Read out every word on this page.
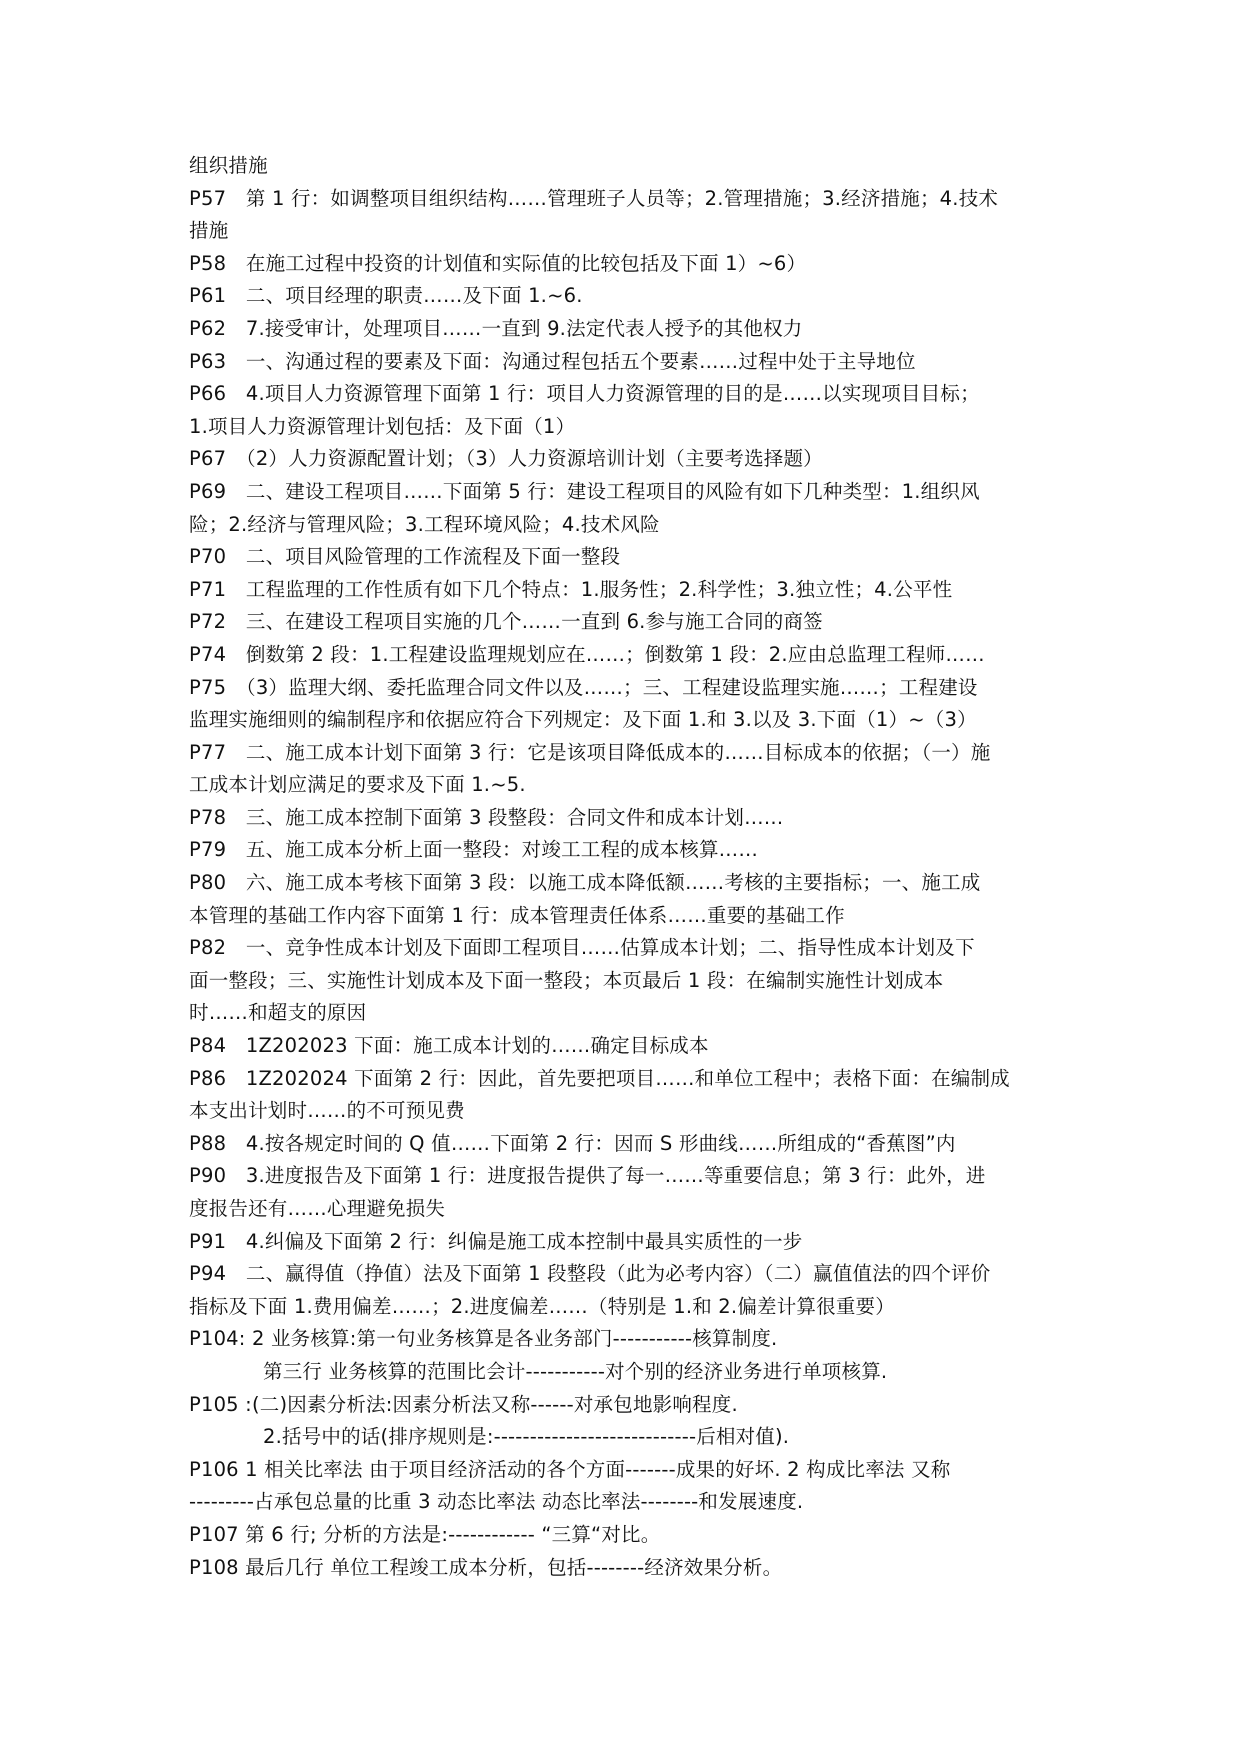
组织措施
P57　第 1 行：如调整项目组织结构……管理班子人员等；2.管理措施；3.经济措施；4.技术
措施
P58　在施工过程中投资的计划值和实际值的比较包括及下面 1）~6）
P61　二、项目经理的职责……及下面 1.~6.
P62　7.接受审计，处理项目……一直到 9.法定代表人授予的其他权力
P63　一、沟通过程的要素及下面：沟通过程包括五个要素……过程中处于主导地位
P66　4.项目人力资源管理下面第 1 行：项目人力资源管理的目的是……以实现项目目标；
1.项目人力资源管理计划包括：及下面（1）
P67　（2）人力资源配置计划；（3）人力资源培训计划（主要考选择题）
P69　二、建设工程项目……下面第 5 行：建设工程项目的风险有如下几种类型：1.组织风
险；2.经济与管理风险；3.工程环境风险；4.技术风险
P70　二、项目风险管理的工作流程及下面一整段
P71　工程监理的工作性质有如下几个特点：1.服务性；2.科学性；3.独立性；4.公平性
P72　三、在建设工程项目实施的几个……一直到 6.参与施工合同的商签
P74　倒数第 2 段：1.工程建设监理规划应在……；倒数第 1 段：2.应由总监理工程师……
P75　（3）监理大纲、委托监理合同文件以及……；三、工程建设监理实施……；工程建设
监理实施细则的编制程序和依据应符合下列规定：及下面 1.和 3.以及 3.下面（1）~（3）
P77　二、施工成本计划下面第 3 行：它是该项目降低成本的……目标成本的依据；（一）施
工成本计划应满足的要求及下面 1.~5.
P78　三、施工成本控制下面第 3 段整段：合同文件和成本计划……
P79　五、施工成本分析上面一整段：对竣工工程的成本核算……
P80　六、施工成本考核下面第 3 段：以施工成本降低额……考核的主要指标；一、施工成
本管理的基础工作内容下面第 1 行：成本管理责任体系……重要的基础工作
P82　一、竞争性成本计划及下面即工程项目……估算成本计划；二、指导性成本计划及下
面一整段；三、实施性计划成本及下面一整段；本页最后 1 段：在编制实施性计划成本
时……和超支的原因
P84　1Z202023 下面：施工成本计划的……确定目标成本
P86　1Z202024 下面第 2 行：因此，首先要把项目……和单位工程中；表格下面：在编制成
本支出计划时……的不可预见费
P88　4.按各规定时间的 Q 值……下面第 2 行：因而 S 形曲线……所组成的“香蕉图”内
P90　3.进度报告及下面第 1 行：进度报告提供了每一……等重要信息；第 3 行：此外，进
度报告还有……心理避免损失
P91　4.纠偏及下面第 2 行：纠偏是施工成本控制中最具实质性的一步
P94　二、赢得值（挣值）法及下面第 1 段整段（此为必考内容）（二）赢值值法的四个评价
指标及下面 1.费用偏差……；2.进度偏差……（特别是 1.和 2.偏差计算很重要）
P104: 2 业务核算:第一句业务核算是各业务部门-----------核算制度.
第三行 业务核算的范围比会计-----------对个别的经济业务进行单项核算.
P105 :(二)因素分析法:因素分析法又称------对承包地影响程度.
2.括号中的话(排序规则是:----------------------------后相对值).
P106 1 相关比率法 由于项目经济活动的各个方面-------成果的好坏. 2 构成比率法 又称
---------占承包总量的比重 3 动态比率法 动态比率法--------和发展速度.
P107 第 6 行; 分析的方法是:------------ “三算“对比。
P108 最后几行 单位工程竣工成本分析，包括--------经济效果分析。
